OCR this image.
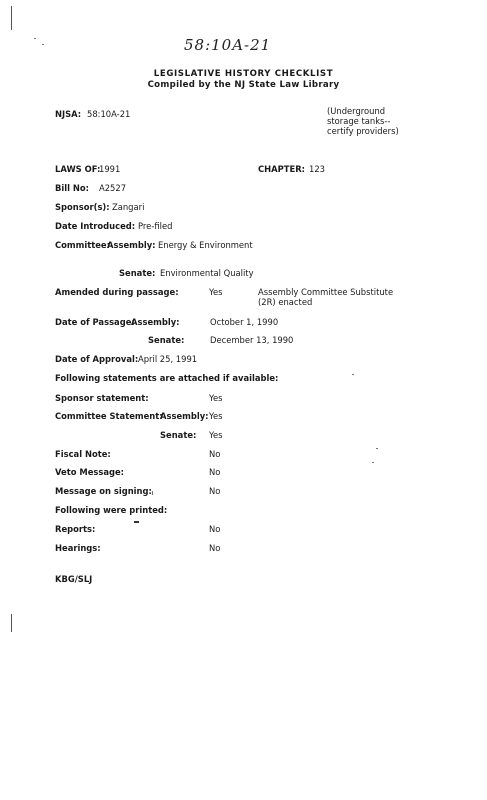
58:10A-21
LEGISLATIVE HISTORY CHECKLIST
Compiled by the NJ State Law Library
NJSA: 58:10A-21	(Underground
storage tanks--
certify providers)
LAWS OF:
1991	CHAPTER: 123
Bill No: A2527
Sponsor(s): Zangari
Date Introduced: Pre-filed
Committee:
Assembly: Energy & Environment
Senate: Environmental Quality
Amended during passage:	Yes	Assembly Committee Substitute
(2R) enacted
Date of Passage:
Assembly:	October 1, 1990
Senate:	December 13, 1990
Date of Approval: April 25, 1991
Following statements are attached if available:
Sponsor statement:	Yes
Committee Statement:
Assembly: Yes
Senate: Yes
Fiscal Note:	No
Veto Message:	No
Message on signing:	No
Following were printed:
Reports:	No
Hearings:	No
KBG/SLJ
